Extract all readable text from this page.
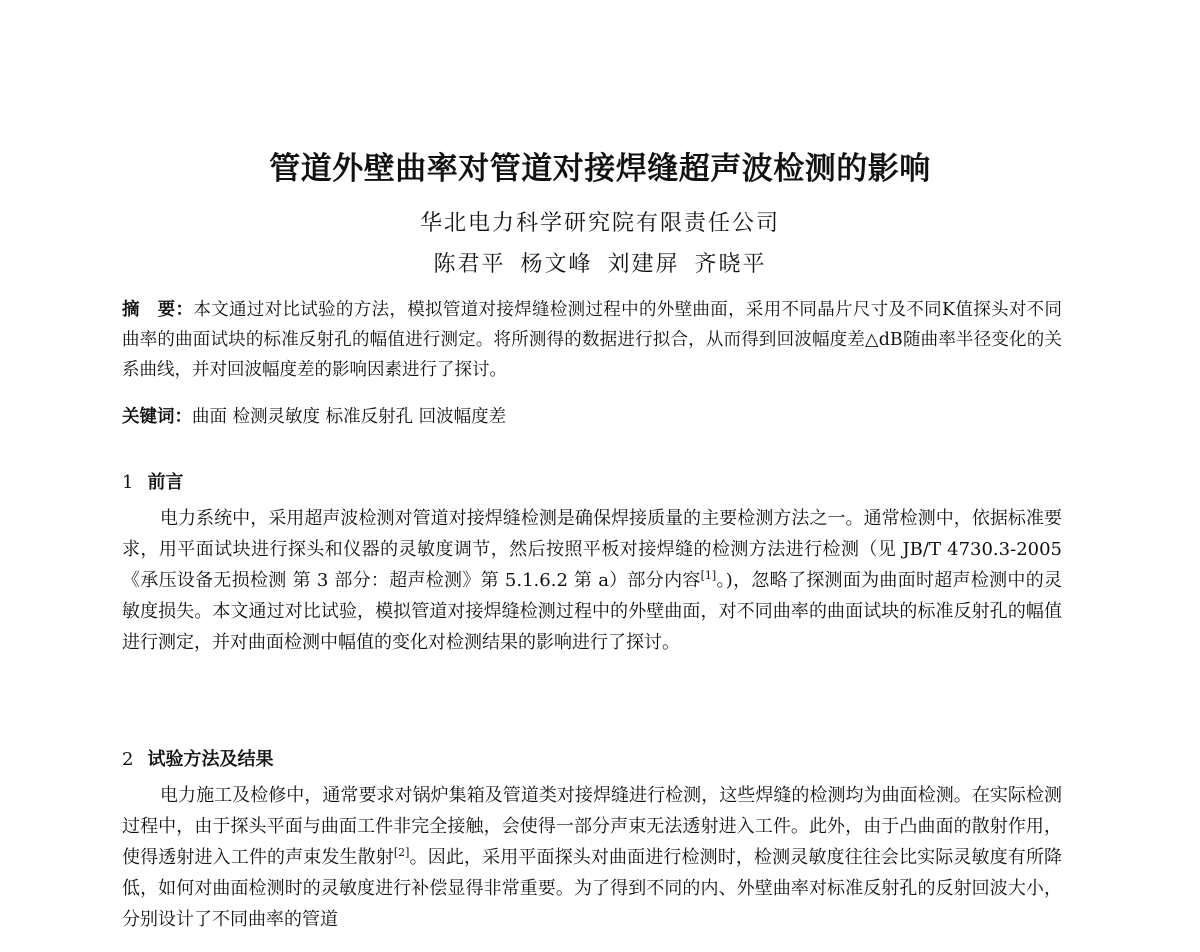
管道外壁曲率对管道对接焊缝超声波检测的影响
华北电力科学研究院有限责任公司
陈君平 杨文峰 刘建屏 齐晓平
摘　要：本文通过对比试验的方法，模拟管道对接焊缝检测过程中的外壁曲面，采用不同晶片尺寸及不同K值探头对不同曲率的曲面试块的标准反射孔的幅值进行测定。将所测得的数据进行拟合，从而得到回波幅度差△dB随曲率半径变化的关系曲线，并对回波幅度差的影响因素进行了探讨。
关键词：曲面 检测灵敏度 标准反射孔 回波幅度差
1 前言
电力系统中，采用超声波检测对管道对接焊缝检测是确保焊接质量的主要检测方法之一。通常检测中，依据标准要求，用平面试块进行探头和仪器的灵敏度调节，然后按照平板对接焊缝的检测方法进行检测（见 JB/T 4730.3-2005《承压设备无损检测 第 3 部分：超声检测》第 5.1.6.2 第 a）部分内容[1]。)，忽略了探测面为曲面时超声检测中的灵敏度损失。本文通过对比试验，模拟管道对接焊缝检测过程中的外壁曲面，对不同曲率的曲面试块的标准反射孔的幅值进行测定，并对曲面检测中幅值的变化对检测结果的影响进行了探讨。
2 试验方法及结果
电力施工及检修中，通常要求对锅炉集箱及管道类对接焊缝进行检测，这些焊缝的检测均为曲面检测。在实际检测过程中，由于探头平面与曲面工件非完全接触，会使得一部分声束无法透射进入工件。此外，由于凸曲面的散射作用，使得透射进入工件的声束发生散射[2]。因此，采用平面探头对曲面进行检测时，检测灵敏度往往会比实际灵敏度有所降低，如何对曲面检测时的灵敏度进行补偿显得非常重要。为了得到不同的内、外壁曲率对标准反射孔的反射回波大小，分别设计了不同曲率的管道
